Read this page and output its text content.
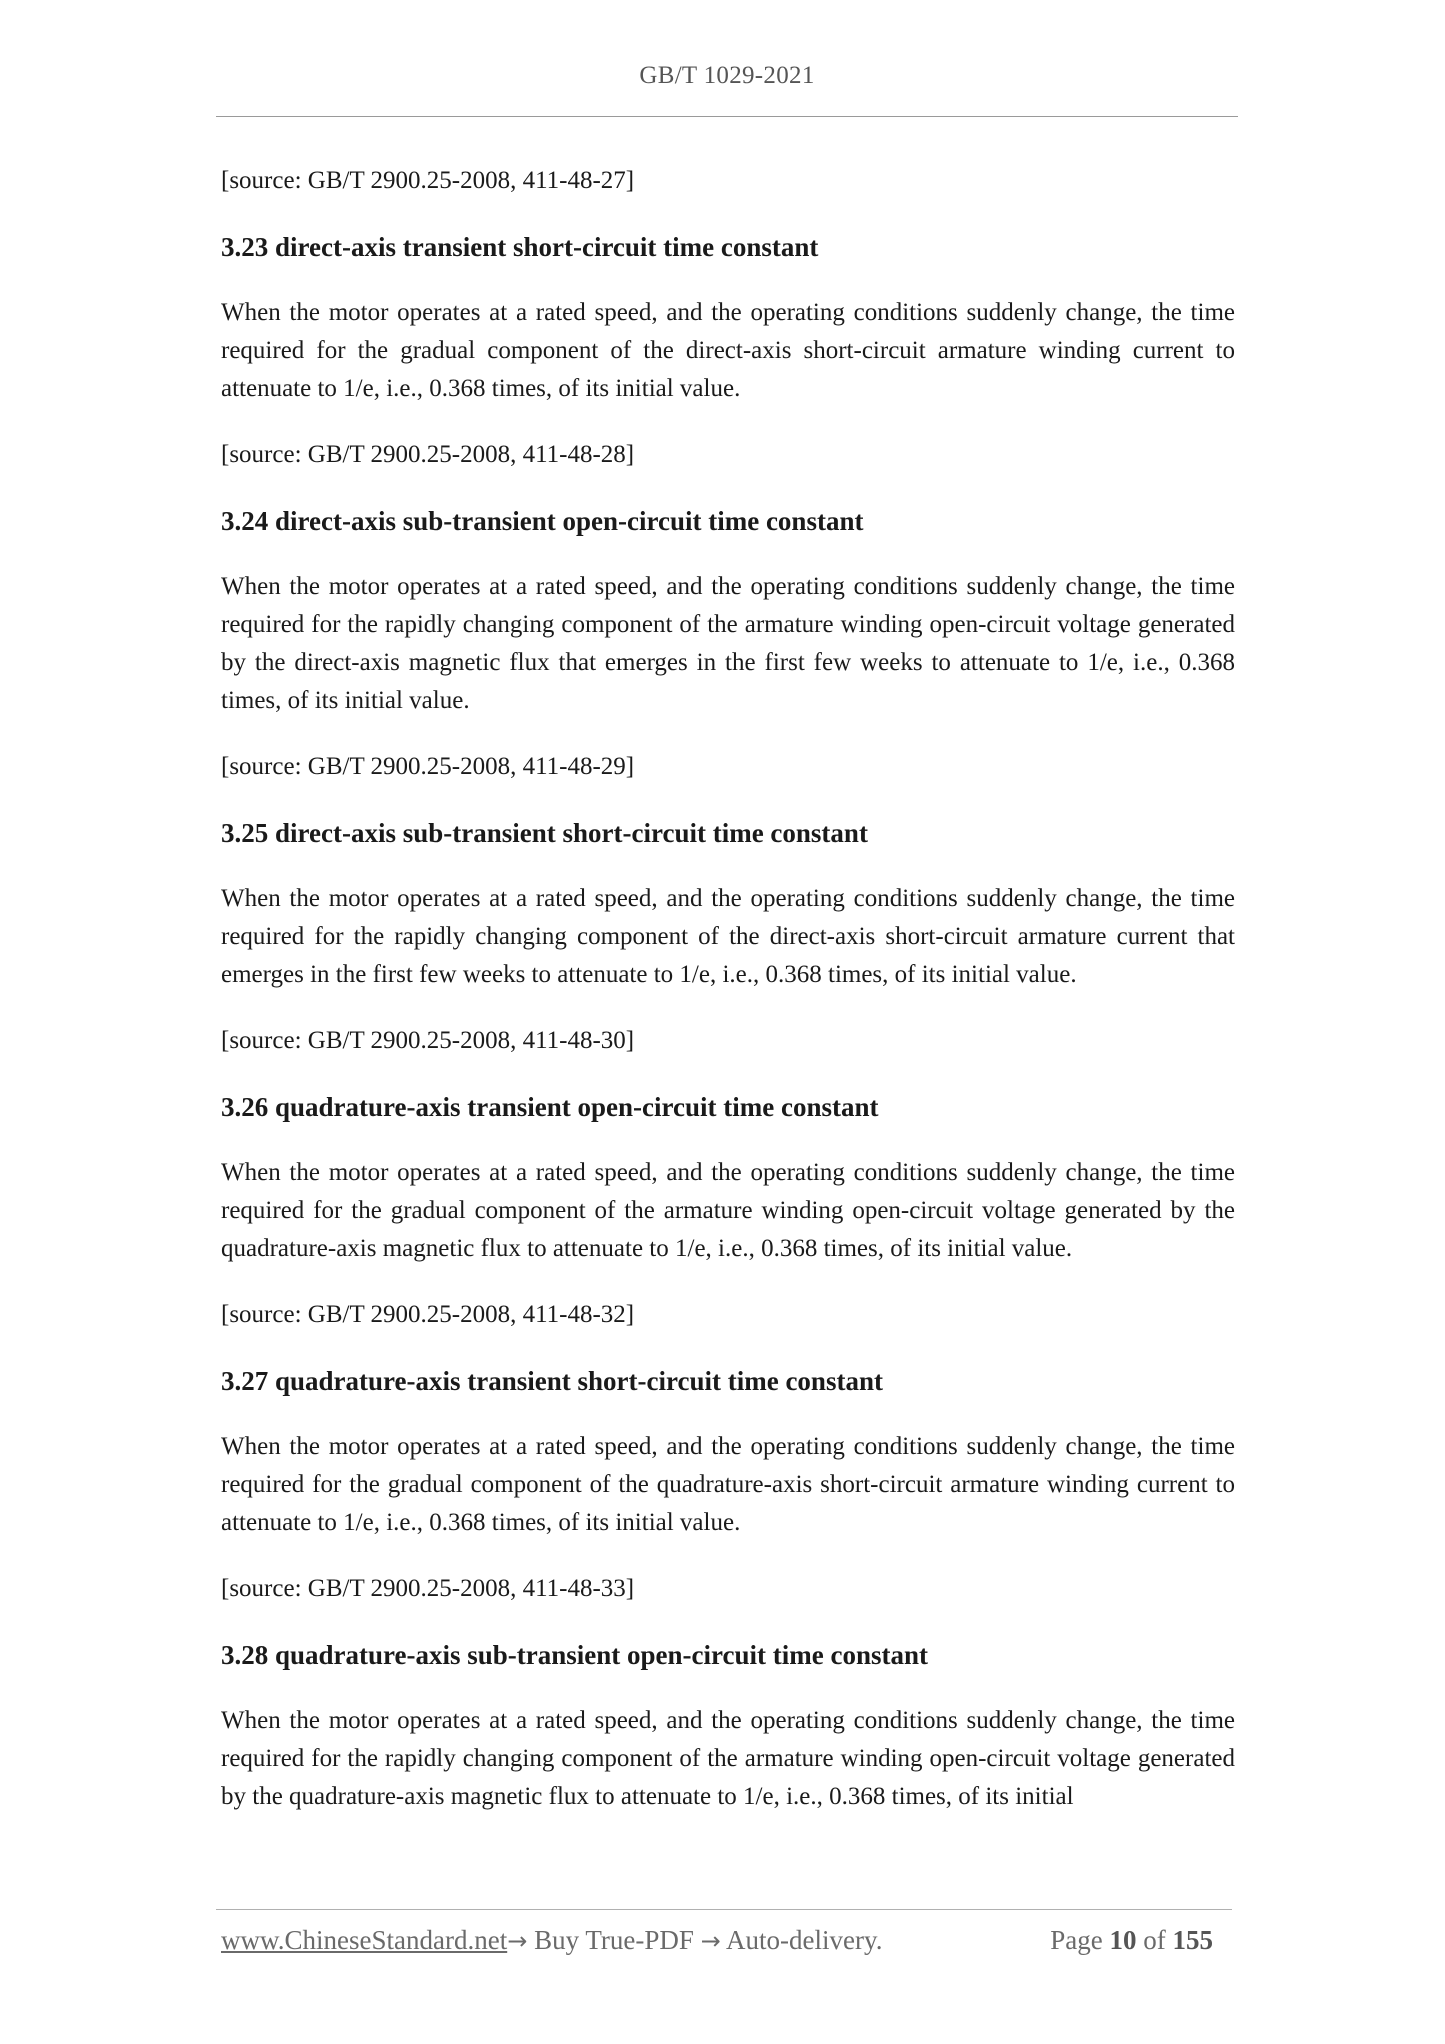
GB/T 1029-2021

[source: GB/T 2900.25-2008, 411-48-27]

3.23 direct-axis transient short-circuit time constant

When the motor operates at a rated speed, and the operating conditions suddenly change, the time required for the gradual component of the direct-axis short-circuit armature winding current to attenuate to 1/e, i.e., 0.368 times, of its initial value.

[source: GB/T 2900.25-2008, 411-48-28]

3.24 direct-axis sub-transient open-circuit time constant

When the motor operates at a rated speed, and the operating conditions suddenly change, the time required for the rapidly changing component of the armature winding open-circuit voltage generated by the direct-axis magnetic flux that emerges in the first few weeks to attenuate to 1/e, i.e., 0.368 times, of its initial value.

[source: GB/T 2900.25-2008, 411-48-29]

3.25 direct-axis sub-transient short-circuit time constant

When the motor operates at a rated speed, and the operating conditions suddenly change, the time required for the rapidly changing component of the direct-axis short-circuit armature current that emerges in the first few weeks to attenuate to 1/e, i.e., 0.368 times, of its initial value.

[source: GB/T 2900.25-2008, 411-48-30]

3.26 quadrature-axis transient open-circuit time constant

When the motor operates at a rated speed, and the operating conditions suddenly change, the time required for the gradual component of the armature winding open-circuit voltage generated by the quadrature-axis magnetic flux to attenuate to 1/e, i.e., 0.368 times, of its initial value.

[source: GB/T 2900.25-2008, 411-48-32]

3.27 quadrature-axis transient short-circuit time constant

When the motor operates at a rated speed, and the operating conditions suddenly change, the time required for the gradual component of the quadrature-axis short-circuit armature winding current to attenuate to 1/e, i.e., 0.368 times, of its initial value.

[source: GB/T 2900.25-2008, 411-48-33]

3.28 quadrature-axis sub-transient open-circuit time constant

When the motor operates at a rated speed, and the operating conditions suddenly change, the time required for the rapidly changing component of the armature winding open-circuit voltage generated by the quadrature-axis magnetic flux to attenuate to 1/e, i.e., 0.368 times, of its initial

www.ChineseStandard.net→ Buy True-PDF → Auto-delivery.	Page 10 of 155
